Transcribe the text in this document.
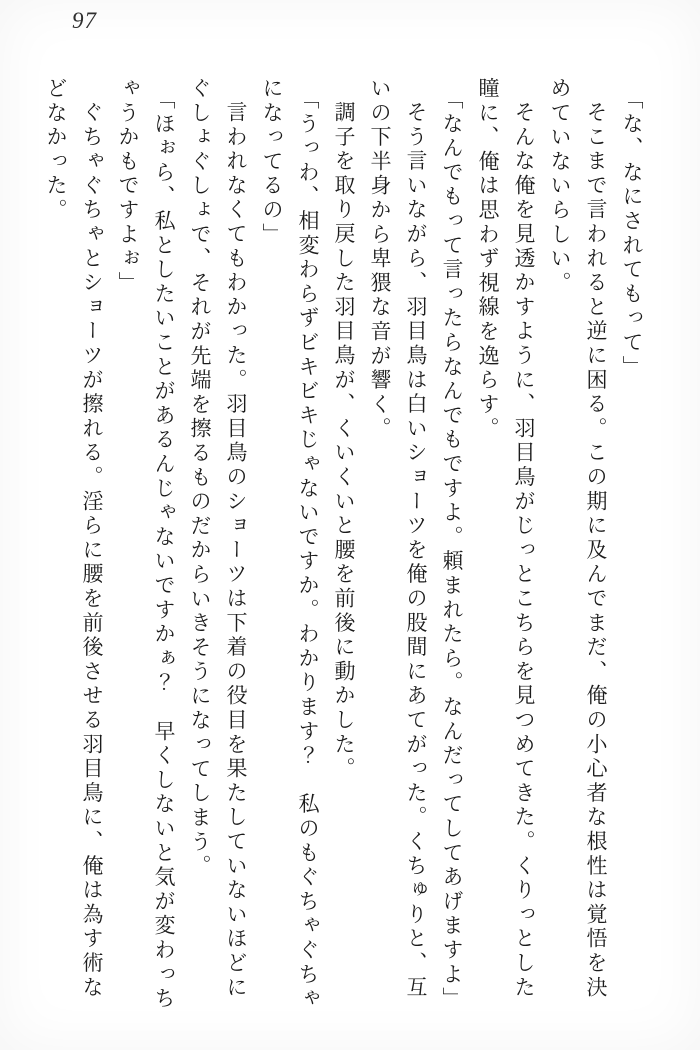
97
「な、なにされてもって」
そこまで言われると逆に困る。この期に及んでまだ、俺の小心者な根性は覚悟を決
めていないらしい。
そんな俺を見透かすように、羽目鳥がじっとこちらを見つめてきた。くりっとした
瞳に、俺は思わず視線を逸らす。
「なんでもって言ったらなんでもですよ。頼まれたら。なんだってしてあげますよ」
そう言いながら、羽目鳥は白いショーツを俺の股間にあてがった。くちゅりと、互
いの下半身から卑猥な音が響く。
調子を取り戻した羽目鳥が、くいくいと腰を前後に動かした。
「うっわ、相変わらずビキビキじゃないですか。わかります？　私のもぐちゃぐちゃ
になってるの」
言われなくてもわかった。羽目鳥のショーツは下着の役目を果たしていないほどに
ぐしょぐしょで、それが先端を擦るものだからいきそうになってしまう。
「ほぉら、私としたいことがあるんじゃないですかぁ？　早くしないと気が変わっち
ゃうかもですよぉ」
ぐちゃぐちゃとショーツが擦れる。淫らに腰を前後させる羽目鳥に、俺は為す術な
どなかった。
